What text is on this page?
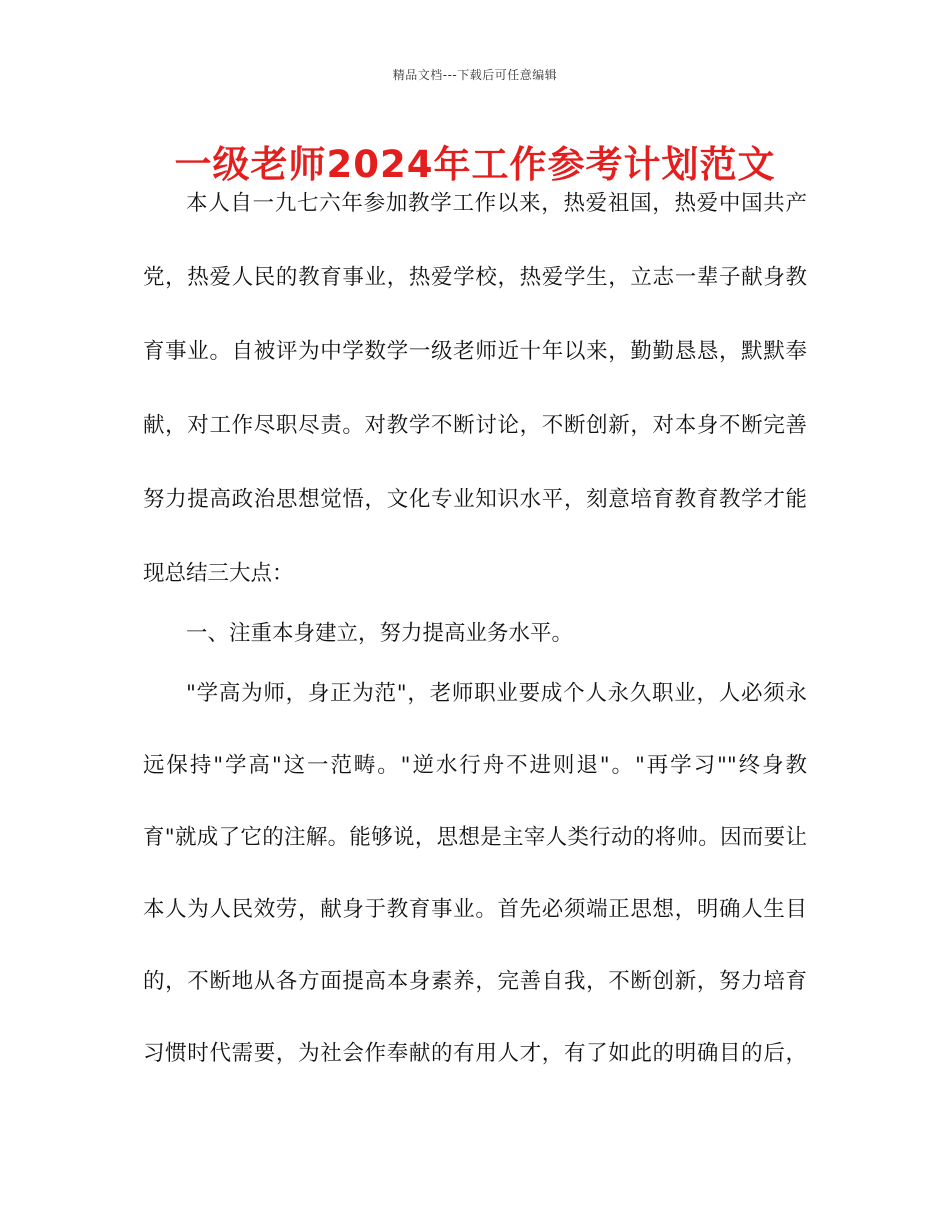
精品文档---下载后可任意编辑
一级老师2024年工作参考计划范文
本人自一九七六年参加教学工作以来，热爱祖国，热爱中国共产
党，热爱人民的教育事业，热爱学校，热爱学生，立志一辈子献身教
育事业。自被评为中学数学一级老师近十年以来，勤勤恳恳，默默奉
献，对工作尽职尽责。对教学不断讨论，不断创新，对本身不断完善
努力提高政治思想觉悟，文化专业知识水平，刻意培育教育教学才能
现总结三大点：
一、注重本身建立，努力提高业务水平。
"学高为师，身正为范"，老师职业要成个人永久职业，人必须永
远保持"学高"这一范畴。"逆水行舟不进则退"。"再学习""终身教
育"就成了它的注解。能够说，思想是主宰人类行动的将帅。因而要让
本人为人民效劳，献身于教育事业。首先必须端正思想，明确人生目
的，不断地从各方面提高本身素养，完善自我，不断创新，努力培育
习惯时代需要，为社会作奉献的有用人才，有了如此的明确目的后，
